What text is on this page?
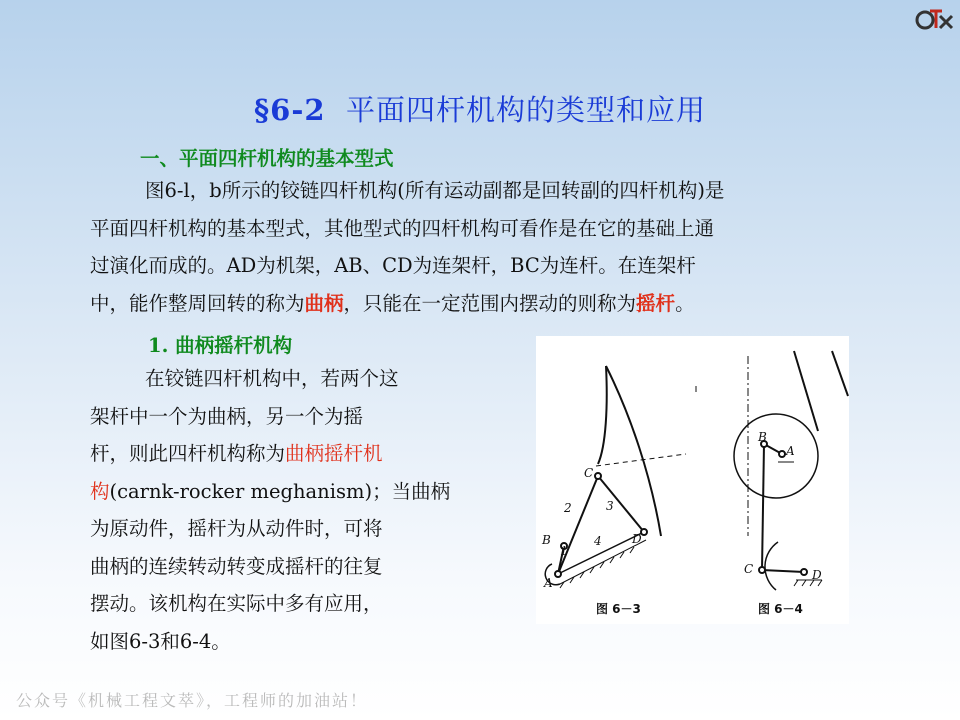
§6-2 平面四杆机构的类型和应用
一、平面四杆机构的基本型式
图6-l，b所示的铰链四杆机构(所有运动副都是回转副的四杆机构)是
平面四杆机构的基本型式，其他型式的四杆机构可看作是在它的基础上通
过演化而成的。AD为机架，AB、CD为连架杆，BC为连杆。在连架杆
中，能作整周回转的称为曲柄，只能在一定范围内摆动的则称为摇杆。
1. 曲柄摇杆机构
在铰链四杆机构中，若两个这
架杆中一个为曲柄，另一个为摇
杆，则此四杆机构称为曲柄摇杆机
构(carnk-rocker meghanism)；当曲柄
为原动件，摇杆为从动件时，可将
曲柄的连续转动转变成摇杆的往复
摆动。该机构在实际中多有应用，
如图6-3和6-4。
A
B
C
D
1
2	3
4
图 6－3
B
A
C	D
图 6－4
公众号《机械工程文萃》，工程师的加油站！
